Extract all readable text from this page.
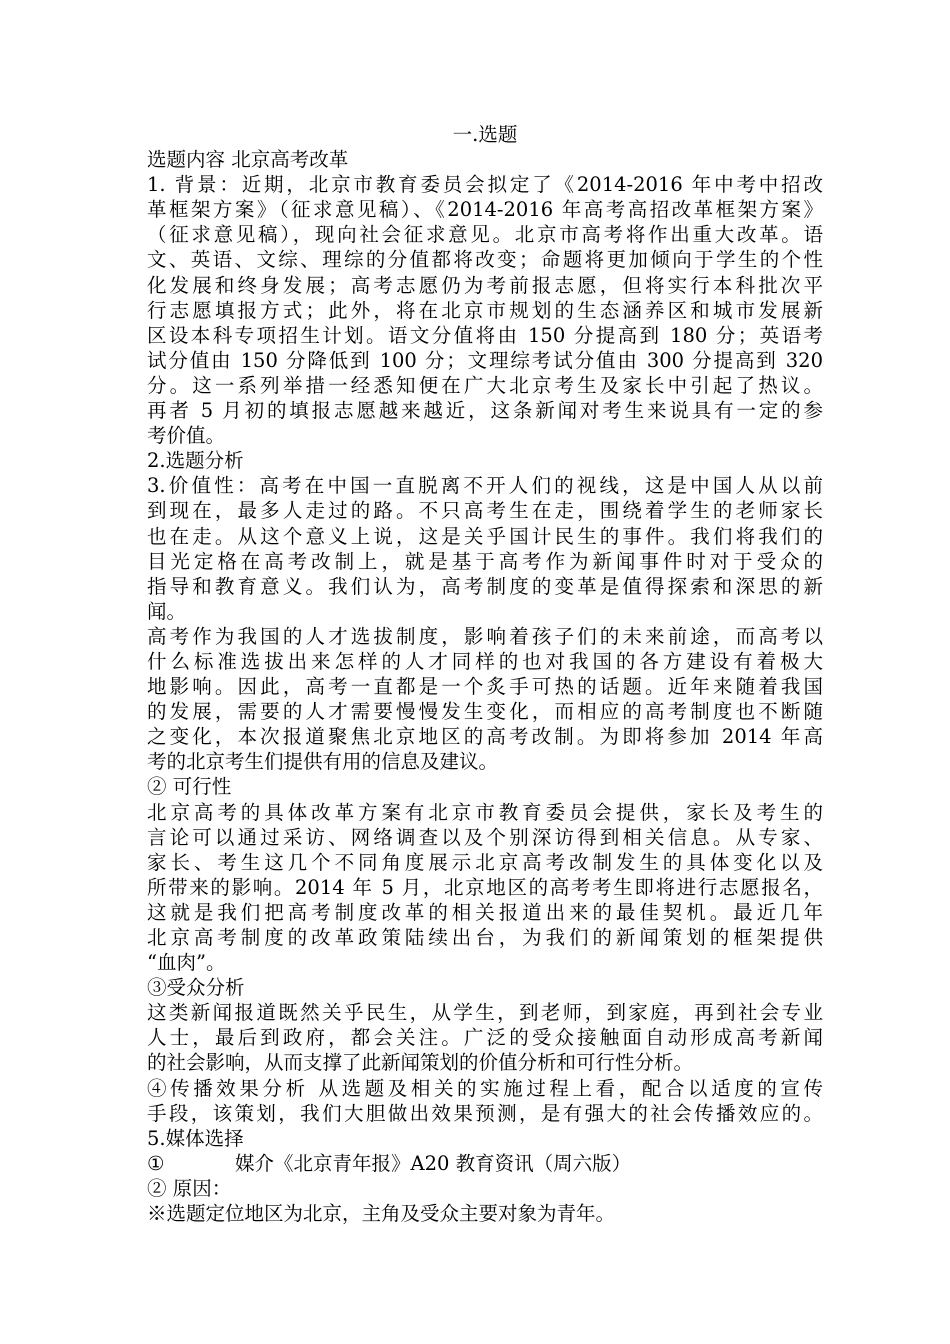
一.选题
选题内容 北京高考改革
1. 背景：近期，北京市教育委员会拟定了《2014-2016 年中考中招改
革框架方案》（征求意见稿）、《2014-2016 年高考高招改革框架方案》
（征求意见稿），现向社会征求意见。北京市高考将作出重大改革。语
文、英语、文综、理综的分值都将改变；命题将更加倾向于学生的个性
化发展和终身发展；高考志愿仍为考前报志愿，但将实行本科批次平
行志愿填报方式；此外，将在北京市规划的生态涵养区和城市发展新
区设本科专项招生计划。语文分值将由 150 分提高到 180 分；英语考
试分值由 150 分降低到 100 分；文理综考试分值由 300 分提高到 320
分。这一系列举措一经悉知便在广大北京考生及家长中引起了热议。
再者 5 月初的填报志愿越来越近，这条新闻对考生来说具有一定的参
考价值。
2.选题分析
3.价值性：高考在中国一直脱离不开人们的视线，这是中国人从以前
到现在，最多人走过的路。不只高考生在走，围绕着学生的老师家长
也在走。从这个意义上说，这是关乎国计民生的事件。我们将我们的
目光定格在高考改制上，就是基于高考作为新闻事件时对于受众的
指导和教育意义。我们认为，高考制度的变革是值得探索和深思的新
闻。
高考作为我国的人才选拔制度，影响着孩子们的未来前途，而高考以
什么标准选拔出来怎样的人才同样的也对我国的各方建设有着极大
地影响。因此，高考一直都是一个炙手可热的话题。近年来随着我国
的发展，需要的人才需要慢慢发生变化，而相应的高考制度也不断随
之变化，本次报道聚焦北京地区的高考改制。为即将参加 2014 年高
考的北京考生们提供有用的信息及建议。
② 可行性
北京高考的具体改革方案有北京市教育委员会提供，家长及考生的
言论可以通过采访、网络调查以及个别深访得到相关信息。从专家、
家长、考生这几个不同角度展示北京高考改制发生的具体变化以及
所带来的影响。2014 年 5 月，北京地区的高考考生即将进行志愿报名，
这就是我们把高考制度改革的相关报道出来的最佳契机。最近几年
北京高考制度的改革政策陆续出台，为我们的新闻策划的框架提供
“血肉”。
③受众分析
这类新闻报道既然关乎民生，从学生，到老师，到家庭，再到社会专业
人士，最后到政府，都会关注。广泛的受众接触面自动形成高考新闻
的社会影响，从而支撑了此新闻策划的价值分析和可行性分析。
④传播效果分析 从选题及相关的实施过程上看，配合以适度的宣传
手段，该策划，我们大胆做出效果预测，是有强大的社会传播效应的。
5.媒体选择
①	媒介《北京青年报》A20 教育资讯（周六版）
② 原因：
※选题定位地区为北京，主角及受众主要对象为青年。
